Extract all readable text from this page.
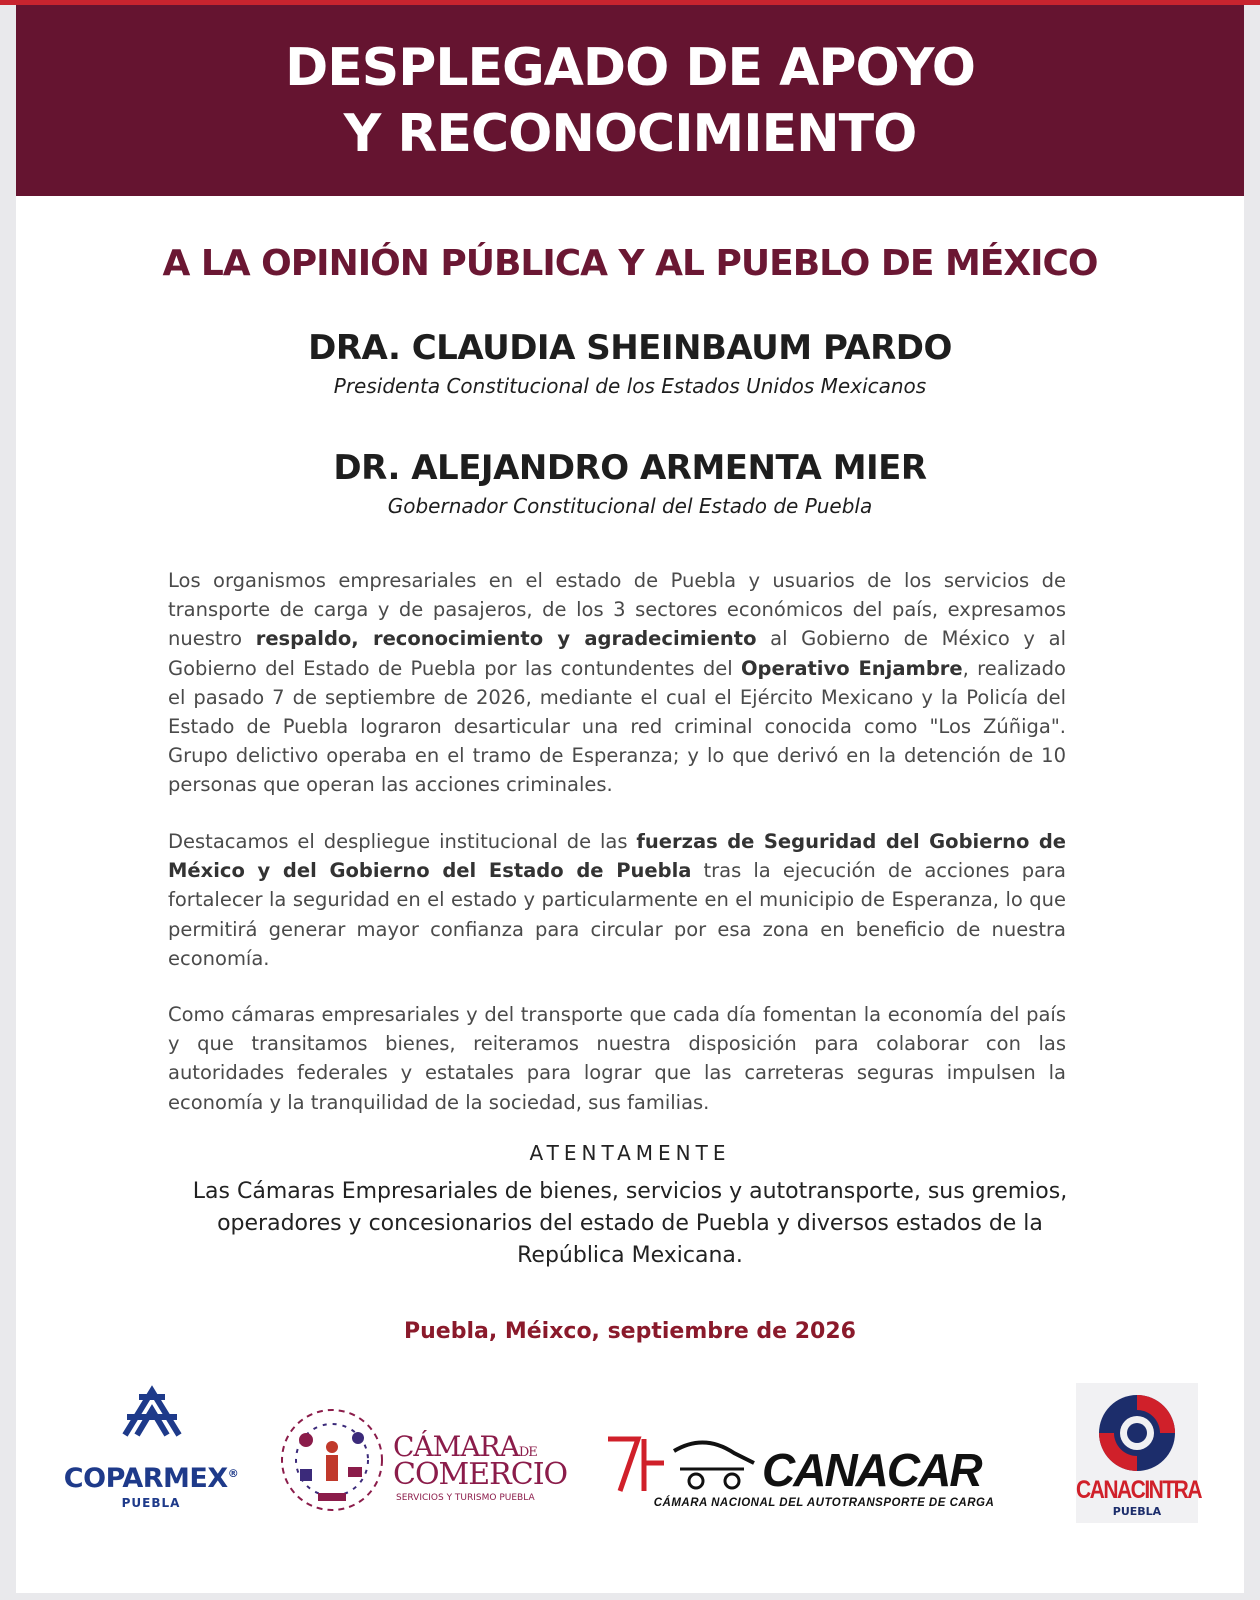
DESPLEGADO DE APOYO
Y RECONOCIMIENTO
A LA OPINIÓN PÚBLICA Y AL PUEBLO DE MÉXICO
DRA. CLAUDIA SHEINBAUM PARDO
Presidenta Constitucional de los Estados Unidos Mexicanos
DR. ALEJANDRO ARMENTA MIER
Gobernador Constitucional del Estado de Puebla

Los organismos empresariales en el estado de Puebla y usuarios de los servicios de transporte de carga y de pasajeros, de los 3 sectores económicos del país, expresamos nuestro respaldo, reconocimiento y agradecimiento al Gobierno de México y al Gobierno del Estado de Puebla por las contundentes del Operativo Enjambre, realizado el pasado 7 de septiembre de 2026, mediante el cual el Ejército Mexicano y la Policía del Estado de Puebla lograron desarticular una red criminal conocida como "Los Zúñiga". Grupo delictivo operaba en el tramo de Esperanza; y lo que derivó en la detención de 10 personas que operan las acciones criminales.

Destacamos el despliegue institucional de las fuerzas de Seguridad del Gobierno de México y del Gobierno del Estado de Puebla tras la ejecución de acciones para fortalecer la seguridad en el estado y particularmente en el municipio de Esperanza, lo que permitirá generar mayor confianza para circular por esa zona en beneficio de nuestra economía.

Como cámaras empresariales y del transporte que cada día fomentan la economía del país y que transitamos bienes, reiteramos nuestra disposición para colaborar con las autoridades federales y estatales para lograr que las carreteras seguras impulsen la economía y la tranquilidad de la sociedad, sus familias.

ATENTAMENTE
Las Cámaras Empresariales de bienes, servicios y autotransporte, sus gremios, operadores y concesionarios del estado de Puebla y diversos estados de la República Mexicana.
Puebla, Méixco, septiembre de 2026
COPARMEX®
PUEBLA
CÁMARADE
COMERCIO
SERVICIOS Y TURISMO PUEBLA
CANACAR
CÁMARA NACIONAL DEL AUTOTRANSPORTE DE CARGA	CANACINTRA
PUEBLA
